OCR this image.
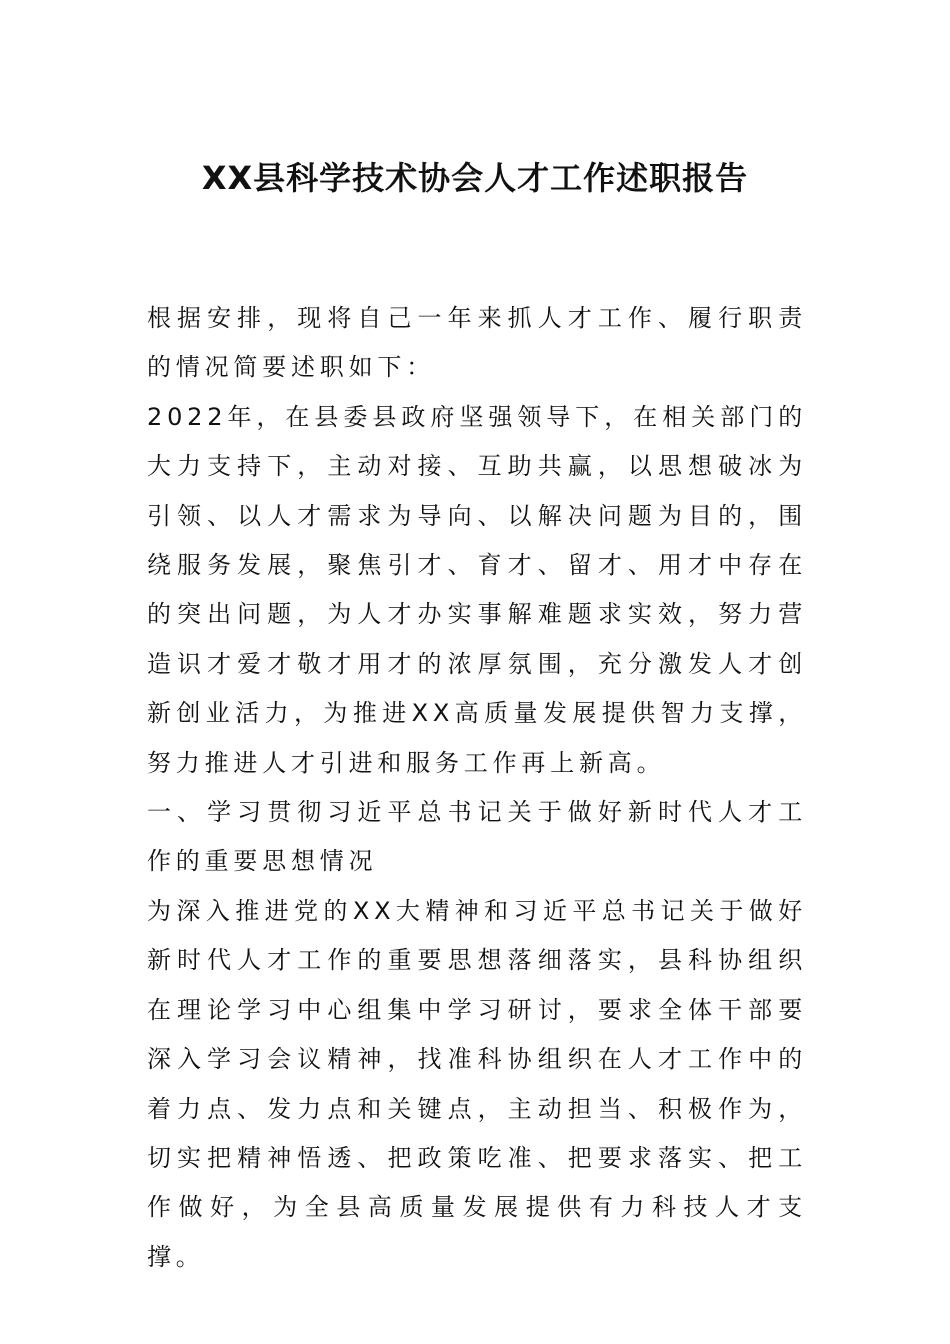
XX县科学技术协会人才工作述职报告

根据安排，现将自己一年来抓人才工作、履行职责的情况简要述职如下：

2022年，在县委县政府坚强领导下，在相关部门的大力支持下，主动对接、互助共赢，以思想破冰为引领、以人才需求为导向、以解决问题为目的，围绕服务发展，聚焦引才、育才、留才、用才中存在的突出问题，为人才办实事解难题求实效，努力营造识才爱才敬才用才的浓厚氛围，充分激发人才创新创业活力，为推进XX高质量发展提供智力支撑，努力推进人才引进和服务工作再上新高。

一、学习贯彻习近平总书记关于做好新时代人才工作的重要思想情况

为深入推进党的XX大精神和习近平总书记关于做好新时代人才工作的重要思想落细落实，县科协组织在理论学习中心组集中学习研讨，要求全体干部要深入学习会议精神，找准科协组织在人才工作中的着力点、发力点和关键点，主动担当、积极作为，切实把精神悟透、把政策吃准、把要求落实、把工作做好，为全县高质量发展提供有力科技人才支撑。
